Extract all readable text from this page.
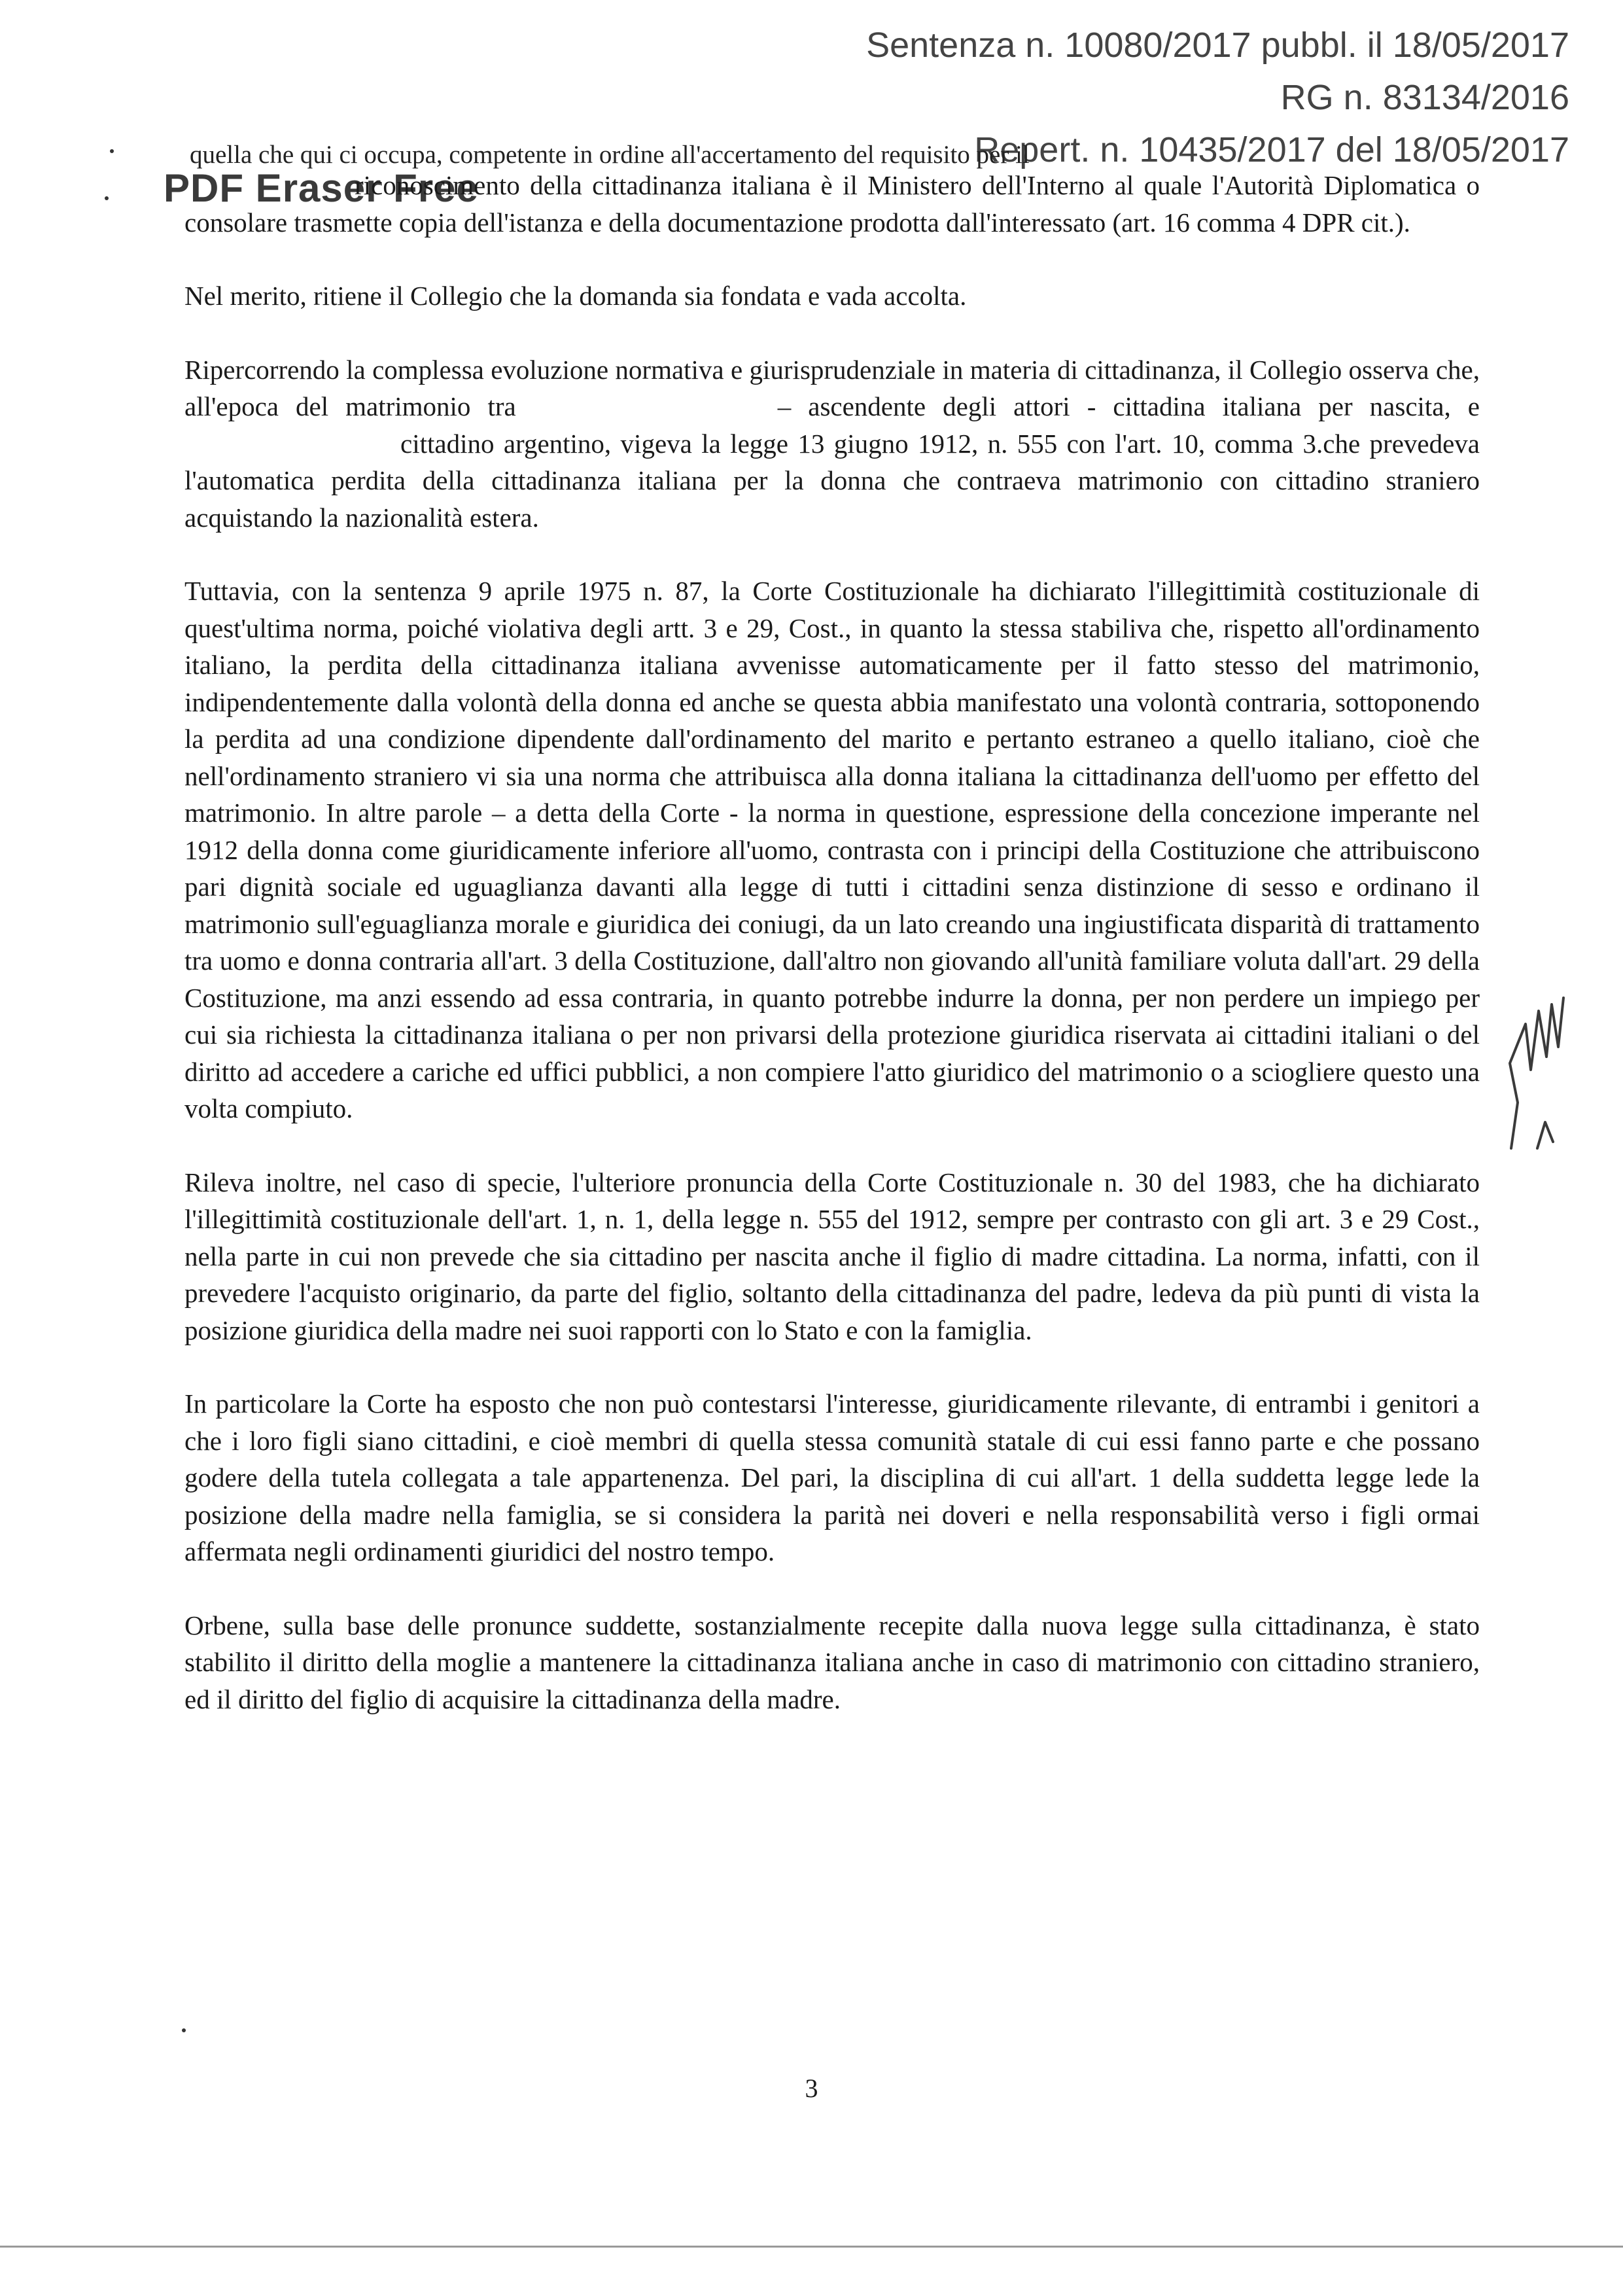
Sentenza n. 10080/2017 pubbl. il 18/05/2017
RG n. 83134/2016
Repert. n. 10435/2017 del 18/05/2017
quella che qui ci occupa, competente in ordine all'accertamento del requisito per il
PDF Eraser Free

riconoscimento della cittadinanza italiana è il Ministero dell'Interno al quale l'Autorità Diplomatica o consolare trasmette copia dell'istanza e della documentazione prodotta dall'interessato (art. 16 comma 4 DPR cit.).

Nel merito, ritiene il Collegio che la domanda sia fondata e vada accolta.

Ripercorrendo la complessa evoluzione normativa e giurisprudenziale in materia di cittadinanza, il Collegio osserva che, all'epoca del matrimonio tra	– ascendente degli attori - cittadina italiana per nascita, e cittadino argentino, vigeva la legge 13 giugno 1912, n. 555 con l'art. 10, comma 3.che prevedeva l'automatica perdita della cittadinanza italiana per la donna che contraeva matrimonio con cittadino straniero acquistando la nazionalità estera.

Tuttavia, con la sentenza 9 aprile 1975 n. 87, la Corte Costituzionale ha dichiarato l'illegittimità costituzionale di quest'ultima norma, poiché violativa degli artt. 3 e 29, Cost., in quanto la stessa stabiliva che, rispetto all'ordinamento italiano, la perdita della cittadinanza italiana avvenisse automaticamente per il fatto stesso del matrimonio, indipendentemente dalla volontà della donna ed anche se questa abbia manifestato una volontà contraria, sottoponendo la perdita ad una condizione dipendente dall'ordinamento del marito e pertanto estraneo a quello italiano, cioè che nell'ordinamento straniero vi sia una norma che attribuisca alla donna italiana la cittadinanza dell'uomo per effetto del matrimonio. In altre parole – a detta della Corte - la norma in questione, espressione della concezione imperante nel 1912 della donna come giuridicamente inferiore all'uomo, contrasta con i principi della Costituzione che attribuiscono pari dignità sociale ed uguaglianza davanti alla legge di tutti i cittadini senza distinzione di sesso e ordinano il matrimonio sull'eguaglianza morale e giuridica dei coniugi, da un lato creando una ingiustificata disparità di trattamento tra uomo e donna contraria all'art. 3 della Costituzione, dall'altro non giovando all'unità familiare voluta dall'art. 29 della Costituzione, ma anzi essendo ad essa contraria, in quanto potrebbe indurre la donna, per non perdere un impiego per cui sia richiesta la cittadinanza italiana o per non privarsi della protezione giuridica riservata ai cittadini italiani o del diritto ad accedere a cariche ed uffici pubblici, a non compiere l'atto giuridico del matrimonio o a sciogliere questo una volta compiuto.

Rileva inoltre, nel caso di specie, l'ulteriore pronuncia della Corte Costituzionale n. 30 del 1983, che ha dichiarato l'illegittimità costituzionale dell'art. 1, n. 1, della legge n. 555 del 1912, sempre per contrasto con gli art. 3 e 29 Cost., nella parte in cui non prevede che sia cittadino per nascita anche il figlio di madre cittadina. La norma, infatti, con il prevedere l'acquisto originario, da parte del figlio, soltanto della cittadinanza del padre, ledeva da più punti di vista la posizione giuridica della madre nei suoi rapporti con lo Stato e con la famiglia.

In particolare la Corte ha esposto che non può contestarsi l'interesse, giuridicamente rilevante, di entrambi i genitori a che i loro figli siano cittadini, e cioè membri di quella stessa comunità statale di cui essi fanno parte e che possano godere della tutela collegata a tale appartenenza. Del pari, la disciplina di cui all'art. 1 della suddetta legge lede la posizione della madre nella famiglia, se si considera la parità nei doveri e nella responsabilità verso i figli ormai affermata negli ordinamenti giuridici del nostro tempo.

Orbene, sulla base delle pronunce suddette, sostanzialmente recepite dalla nuova legge sulla cittadinanza, è stato stabilito il diritto della moglie a mantenere la cittadinanza italiana anche in caso di matrimonio con cittadino straniero, ed il diritto del figlio di acquisire la cittadinanza della madre.

3
